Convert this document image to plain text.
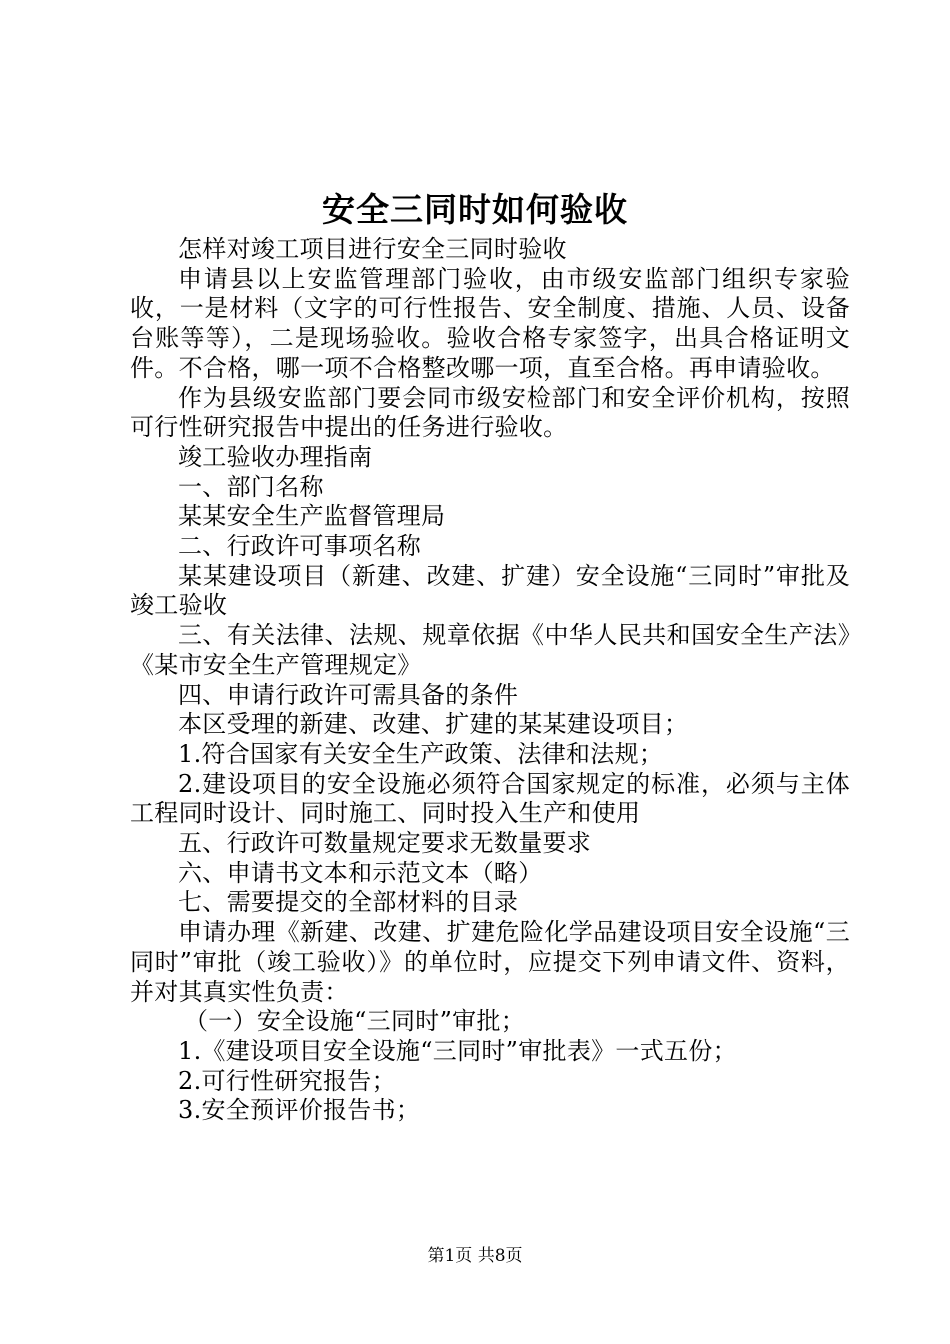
安全三同时如何验收

怎样对竣工项目进行安全三同时验收

申请县以上安监管理部门验收，由市级安监部门组织专家验收，一是材料（文字的可行性报告、安全制度、措施、人员、设备台账等等），二是现场验收。验收合格专家签字，出具合格证明文件。不合格，哪一项不合格整改哪一项，直至合格。再申请验收。

作为县级安监部门要会同市级安检部门和安全评价机构，按照可行性研究报告中提出的任务进行验收。

竣工验收办理指南

一、部门名称

某某安全生产监督管理局

二、行政许可事项名称

某某建设项目（新建、改建、扩建）安全设施“三同时”审批及竣工验收

三、有关法律、法规、规章依据《中华人民共和国安全生产法》《某市安全生产管理规定》

四、申请行政许可需具备的条件

本区受理的新建、改建、扩建的某某建设项目；

1.符合国家有关安全生产政策、法律和法规；

2.建设项目的安全设施必须符合国家规定的标准，必须与主体工程同时设计、同时施工、同时投入生产和使用

五、行政许可数量规定要求无数量要求

六、申请书文本和示范文本（略）

七、需要提交的全部材料的目录

申请办理《新建、改建、扩建危险化学品建设项目安全设施“三同时”审批（竣工验收）》的单位时，应提交下列申请文件、资料，并对其真实性负责：

（一）安全设施“三同时”审批；

1.《建设项目安全设施“三同时”审批表》一式五份；

2.可行性研究报告；

3.安全预评价报告书；

第1页 共8页
